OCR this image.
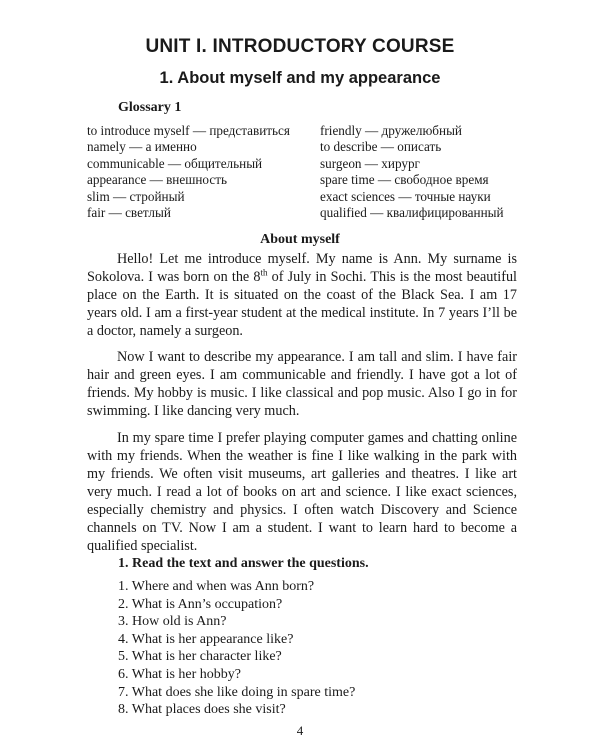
UNIT I. INTRODUCTORY COURSE
1. About myself and my appearance
Glossary 1
to introduce myself — представиться
namely — а именно
communicable — общительный
appearance — внешность
slim — стройный
fair — светлый
friendly — дружелюбный
to describe — описать
surgeon — хирург
spare time — свободное время
exact sciences — точные науки
qualified — квалифицированный
About myself

Hello! Let me introduce myself. My name is Ann. My surname is Sokolova. I was born on the 8th of July in Sochi. This is the most beautiful place on the Earth. It is situated on the coast of the Black Sea. I am 17 years old. I am a first-year student at the medical institute. In 7 years I’ll be a doctor, namely a surgeon.

Now I want to describe my appearance. I am tall and slim. I have fair hair and green eyes. I am communicable and friendly. I have got a lot of friends. My hobby is music. I like classical and pop music. Also I go in for swimming. I like dancing very much.

In my spare time I prefer playing computer games and chatting online with my friends. When the weather is fine I like walking in the park with my friends. We often visit museums, art galleries and theatres. I like art very much. I read a lot of books on art and science. I like exact sciences, especially chemistry and physics. I often watch Discovery and Science channels on TV. Now I am a student. I want to learn hard to become a qualified specialist.

1. Read the text and answer the questions.
1. Where and when was Ann born?
2. What is Ann’s occupation?
3. How old is Ann?
4. What is her appearance like?
5. What is her character like?
6. What is her hobby?
7. What does she like doing in spare time?
8. What places does she visit?
4
